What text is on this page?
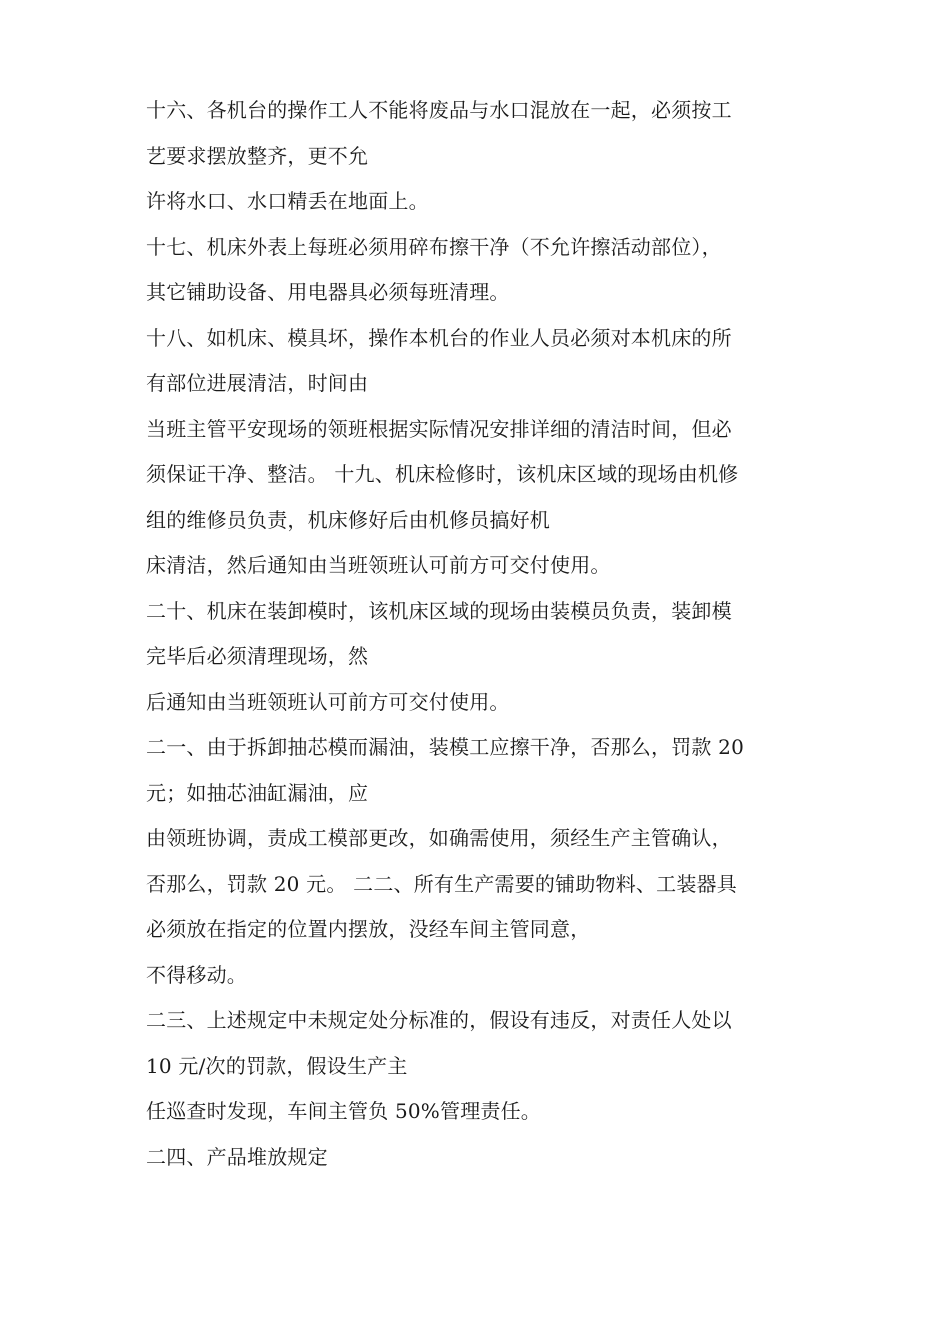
十六、各机台的操作工人不能将废品与水口混放在一起，必须按工
艺要求摆放整齐，更不允
许将水口、水口精丢在地面上。
十七、机床外表上每班必须用碎布擦干净（不允许擦活动部位），
其它铺助设备、用电器具必须每班清理。
十八、如机床、模具坏，操作本机台的作业人员必须对本机床的所
有部位进展清洁，时间由
当班主管平安现场的领班根据实际情况安排详细的清洁时间，但必
须保证干净、整洁。 十九、机床检修时，该机床区域的现场由机修
组的维修员负责，机床修好后由机修员搞好机
床清洁，然后通知由当班领班认可前方可交付使用。
二十、机床在装卸模时，该机床区域的现场由装模员负责，装卸模
完毕后必须清理现场，然
后通知由当班领班认可前方可交付使用。
二一、由于拆卸抽芯模而漏油，装模工应擦干净，否那么，罚款 20
元；如抽芯油缸漏油，应
由领班协调，责成工模部更改，如确需使用，须经生产主管确认，
否那么，罚款 20 元。 二二、所有生产需要的铺助物料、工装器具
必须放在指定的位置内摆放，没经车间主管同意，
不得移动。
二三、上述规定中未规定处分标准的，假设有违反，对责任人处以
10 元/次的罚款，假设生产主
任巡查时发现，车间主管负 50%管理责任。
二四、产品堆放规定
